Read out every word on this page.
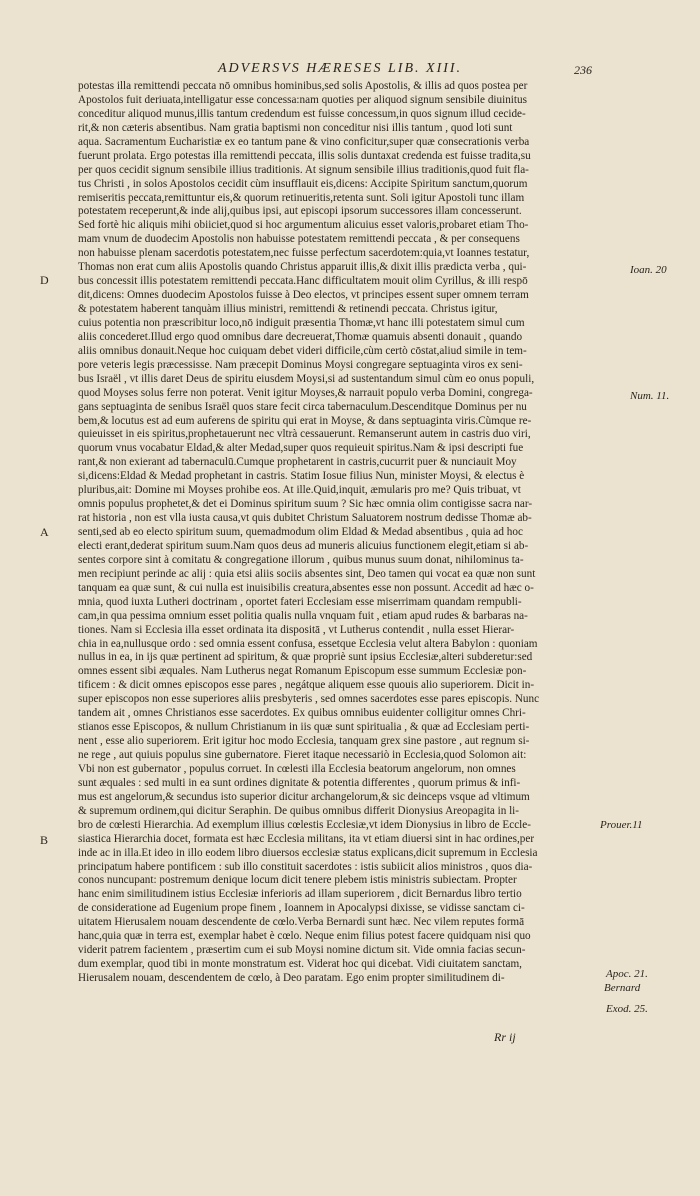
ADVERSVS HÆRESES LIB. XIII.	236
potestas illa remittendi peccata nō omnibus hominibus,sed solis Apostolis, & illis ad quos postea per
Apostolos fuit deriuata,intelligatur esse concessa:nam quoties per aliquod signum sensibile diuinitus
conceditur aliquod munus,illis tantum credendum est fuisse concessum,in quos signum illud cecide-
rit,& non cæteris absentibus. Nam gratia baptismi non conceditur nisi illis tantum , quod loti sunt
aqua. Sacramentum Eucharistiæ ex eo tantum pane & vino conficitur,super quæ consecrationis verba
fuerunt prolata. Ergo potestas illa remittendi peccata, illis solis duntaxat credenda est fuisse tradita,su
per quos cecidit signum sensibile illius traditionis. At signum sensibile illius traditionis,quod fuit fla-
tus Christi , in solos Apostolos cecidit cùm insufflauit eis,dicens: Accipite Spiritum sanctum,quorum
remiseritis peccata,remittuntur eis,& quorum retinueritis,retenta sunt. Soli igitur Apostoli tunc illam
potestatem receperunt,& inde alij,quibus ipsi, aut episcopi ipsorum successores illam concesserunt.
Sed fortè hic aliquis mihi obiiciet,quod si hoc argumentum alicuius esset valoris,probaret etiam Tho-
mam vnum de duodecim Apostolis non habuisse potestatem remittendi peccata , & per consequens
non habuisse plenam sacerdotis potestatem,nec fuisse perfectum sacerdotem:quia,vt Ioannes testatur,
Thomas non erat cum aliis Apostolis quando Christus apparuit illis,& dixit illis prædicta verba , qui-
bus concessit illis potestatem remittendi peccata.Hanc difficultatem mouit olim Cyrillus, & illi respō
dit,dicens: Omnes duodecim Apostolos fuisse à Deo electos, vt principes essent super omnem terram
& potestatem haberent tanquàm illius ministri, remittendi & retinendi peccata. Christus igitur,
cuius potentia non præscribitur loco,nō indiguit præsentia Thomæ,vt hanc illi potestatem simul cum
aliis concederet.Illud ergo quod omnibus dare decreuerat,Thomæ quamuis absenti donauit , quando
aliis omnibus donauit.Neque hoc cuiquam debet videri difficile,cùm certò cōstat,aliud simile in tem-
pore veteris legis præcessisse. Nam præcepit Dominus Moysi congregare septuaginta viros ex seni-
bus Israël , vt illis daret Deus de spiritu eiusdem Moysi,si ad sustentandum simul cùm eo onus populi,
quod Moyses solus ferre non poterat. Venit igitur Moyses,& narrauit populo verba Domini, congrega-
gans septuaginta de senibus Israël quos stare fecit circa tabernaculum.Descenditque Dominus per nu
bem,& locutus est ad eum auferens de spiritu qui erat in Moyse, & dans septuaginta viris.Cùmque re-
quieuisset in eis spiritus,prophetauerunt nec vltrà cessauerunt. Remanserunt autem in castris duo viri,
quorum vnus vocabatur Eldad,& alter Medad,super quos requieuit spiritus.Nam & ipsi descripti fue
rant,& non exierant ad tabernaculū.Cumque prophetarent in castris,cucurrit puer & nunciauit Moy
si,dicens:Eldad & Medad prophetant in castris. Statim Iosue filius Nun, minister Moysi, & electus è
pluribus,ait: Domine mi Moyses prohibe eos. At ille.Quid,inquit, æmularis pro me? Quis tribuat, vt
omnis populus prophetet,& det ei Dominus spiritum suum ? Sic hæc omnia olim contigisse sacra nar-
rat historia , non est vlla iusta causa,vt quis dubitet Christum Saluatorem nostrum dedisse Thomæ ab-
senti,sed ab eo electo spiritum suum, quemadmodum olim Eldad & Medad absentibus , quia ad hoc
electi erant,dederat spiritum suum.Nam quos deus ad muneris alicuius functionem elegit,etiam si ab-
sentes corpore sint à comitatu & congregatione illorum , quibus munus suum donat, nihilominus ta-
men recipiunt perinde ac alij : quia etsi aliis sociis absentes sint, Deo tamen qui vocat ea quæ non sunt
tanquam ea quæ sunt, & cui nulla est inuisibilis creatura,absentes esse non possunt. Accedit ad hæc o-
mnia, quod iuxta Lutheri doctrinam , oportet fateri Ecclesiam esse miserrimam quandam rempubli-
cam,in qua pessima omnium esset politia qualis nulla vnquam fuit , etiam apud rudes & barbaras na-
tiones. Nam si Ecclesia illa esset ordinata ita dispositā , vt Lutherus contendit , nulla esset Hierar-
chia in ea,nullusque ordo : sed omnia essent confusa, essetque Ecclesia velut altera Babylon : quoniam
nullus in ea, in ijs quæ pertinent ad spiritum, & quæ propriè sunt ipsius Ecclesiæ,alteri subderetur:sed
omnes essent sibi æquales. Nam Lutherus negat Romanum Episcopum esse summum Ecclesiæ pon-
tificem : & dicit omnes episcopos esse pares , negátque aliquem esse quouis alio superiorem. Dicit in-
super episcopos non esse superiores aliis presbyteris , sed omnes sacerdotes esse pares episcopis. Nunc
tandem ait , omnes Christianos esse sacerdotes. Ex quibus omnibus euidenter colligitur omnes Chri-
stianos esse Episcopos, & nullum Christianum in iis quæ sunt spiritualia , & quæ ad Ecclesiam perti-
nent , esse alio superiorem. Erit igitur hoc modo Ecclesia, tanquam grex sine pastore , aut regnum si-
ne rege , aut quiuis populus sine gubernatore. Fieret itaque necessariò in Ecclesia,quod Solomon ait:
Vbi non est gubernator , populus corruet. In cœlesti illa Ecclesia beatorum angelorum, non omnes
sunt æquales : sed multi in ea sunt ordines dignitate & potentia differentes , quorum primus & infi-
mus est angelorum,& secundus isto superior dicitur archangelorum,& sic deinceps vsque ad vltimum
& supremum ordinem,qui dicitur Seraphin. De quibus omnibus differit Dionysius Areopagita in li-
bro de cœlesti Hierarchia. Ad exemplum illius cœlestis Ecclesiæ,vt idem Dionysius in libro de Eccle-
siastica Hierarchia docet, formata est hæc Ecclesia militans, ita vt etiam diuersi sint in hac ordines,per
inde ac in illa.Et ideo in illo eodem libro diuersos ecclesiæ status explicans,dicit supremum in Ecclesia
principatum habere pontificem : sub illo constituit sacerdotes : istis subiicit alios ministros , quos dia-
conos nuncupant: postremum denique locum dicit tenere plebem istis ministris subiectam. Propter
hanc enim similitudinem istius Ecclesiæ inferioris ad illam superiorem , dicit Bernardus libro tertio
de consideratione ad Eugenium prope finem , Ioannem in Apocalypsi dixisse, se vidisse sanctam ci-
uitatem Hierusalem nouam descendente de cœlo.Verba Bernardi sunt hæc. Nec vilem reputes formā
hanc,quia quæ in terra est, exemplar habet è cœlo. Neque enim filius potest facere quidquam nisi quo
viderit patrem facientem , præsertim cum ei sub Moysi nomine dictum sit. Vide omnia facias secun-
dum exemplar, quod tibi in monte monstratum est. Viderat hoc qui dicebat. Vidi ciuitatem sanctam,
Hierusalem nouam, descendentem de cœlo, à Deo paratam. Ego enim propter similitudinem di-
D
A
B
Ioan. 20
Num. 11.
Prouer.11
Apoc. 21.
Bernard
Exod. 25.
Rr ij
